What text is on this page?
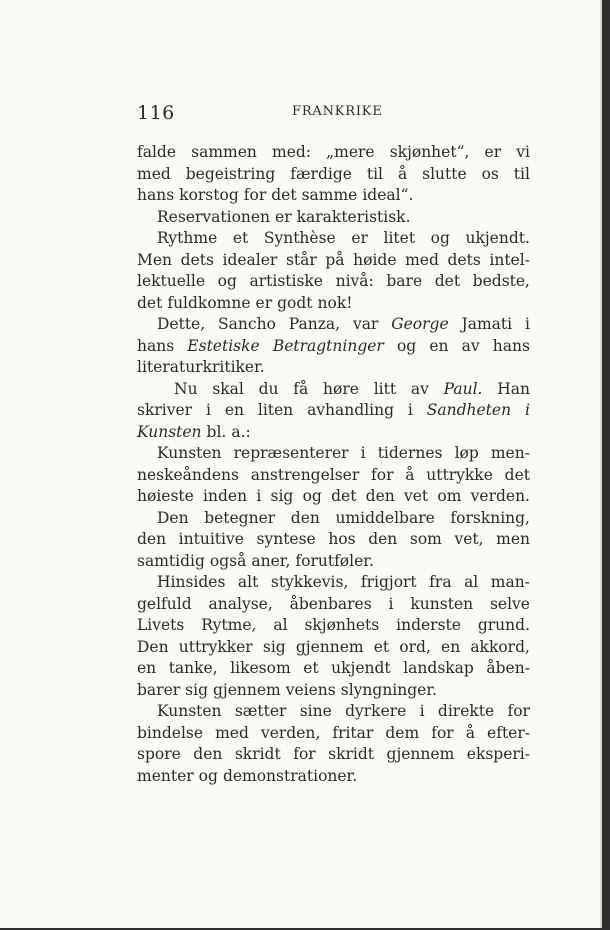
116	FRANKRIKE
falde sammen med: „mere skjønhet“, er vi
med begeistring færdige til å slutte os til
hans korstog for det samme ideal“.
Reservationen er karakteristisk.
Rythme et Synthèse er litet og ukjendt.
Men dets idealer står på høide med dets intel-
lektuelle og artistiske nivå: bare det bedste,
det fuldkomne er godt nok!
Dette, Sancho Panza, var George Jamati i
hans Estetiske Betragtninger og en av hans
literaturkritiker.
Nu skal du få høre litt av Paul. Han
skriver i en liten avhandling i Sandheten i
Kunsten bl. a.:
Kunsten repræsenterer i tidernes løp men-
neskeåndens anstrengelser for å uttrykke det
høieste inden i sig og det den vet om verden.
Den betegner den umiddelbare forskning,
den intuitive syntese hos den som vet, men
samtidig også aner, forutføler.
Hinsides alt stykkevis, frigjort fra al man-
gelfuld analyse, åbenbares i kunsten selve
Livets Rytme, al skjønhets inderste grund.
Den uttrykker sig gjennem et ord, en akkord,
en tanke, likesom et ukjendt landskap åben-
barer sig gjennem veiens slyngninger.
Kunsten sætter sine dyrkere i direkte for
bindelse med verden, fritar dem for å efter-
spore den skridt for skridt gjennem eksperi-
menter og demonstrationer.
